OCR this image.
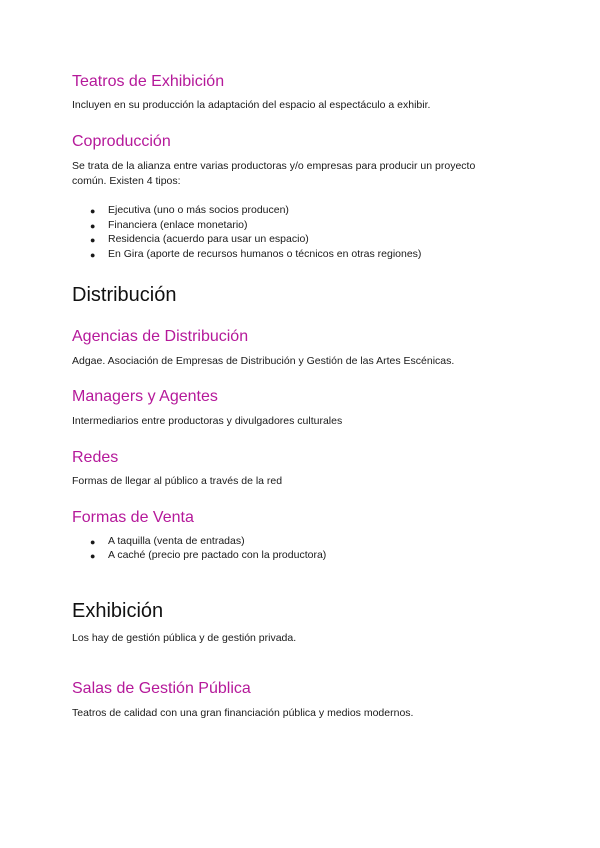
Teatros de Exhibición
Incluyen en su producción la adaptación del espacio al espectáculo a exhibir.
Coproducción
Se trata de la alianza entre varias productoras y/o empresas para producir un proyecto
común. Existen 4 tipos:
● Ejecutiva (uno o más socios producen)
● Financiera (enlace monetario)
● Residencia (acuerdo para usar un espacio)
● En Gira (aporte de recursos humanos o técnicos en otras regiones)
Distribución
Agencias de Distribución
Adgae. Asociación de Empresas de Distribución y Gestión de las Artes Escénicas.
Managers y Agentes
Intermediarios entre productoras y divulgadores culturales
Redes
Formas de llegar al público a través de la red
Formas de Venta
● A taquilla (venta de entradas)
● A caché (precio pre pactado con la productora)
Exhibición
Los hay de gestión pública y de gestión privada.
Salas de Gestión Pública
Teatros de calidad con una gran financiación pública y medios modernos.
